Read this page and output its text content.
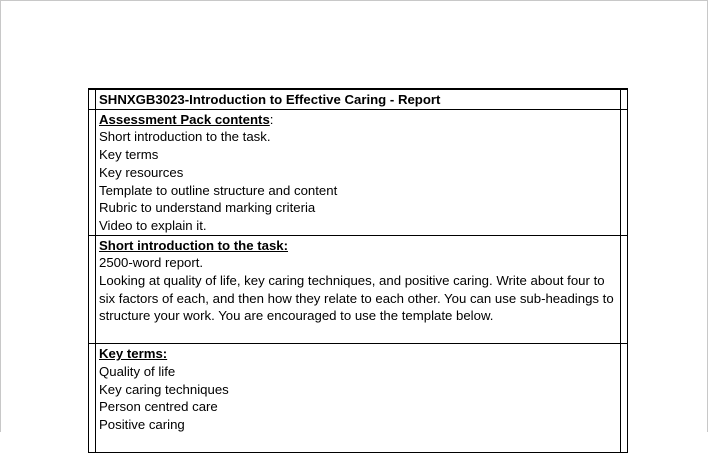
SHNXGB3023-Introduction to Effective Caring - Report
Assessment Pack contents:
Short introduction to the task.
Key terms
Key resources
Template to outline structure and content
Rubric to understand marking criteria
Video to explain it.
Short introduction to the task:
2500-word report.
Looking at quality of life, key caring techniques, and positive caring. Write about four to six factors of each, and then how they relate to each other. You can use sub-headings to structure your work. You are encouraged to use the template below.
Key terms:
Quality of life
Key caring techniques
Person centred care
Positive caring
